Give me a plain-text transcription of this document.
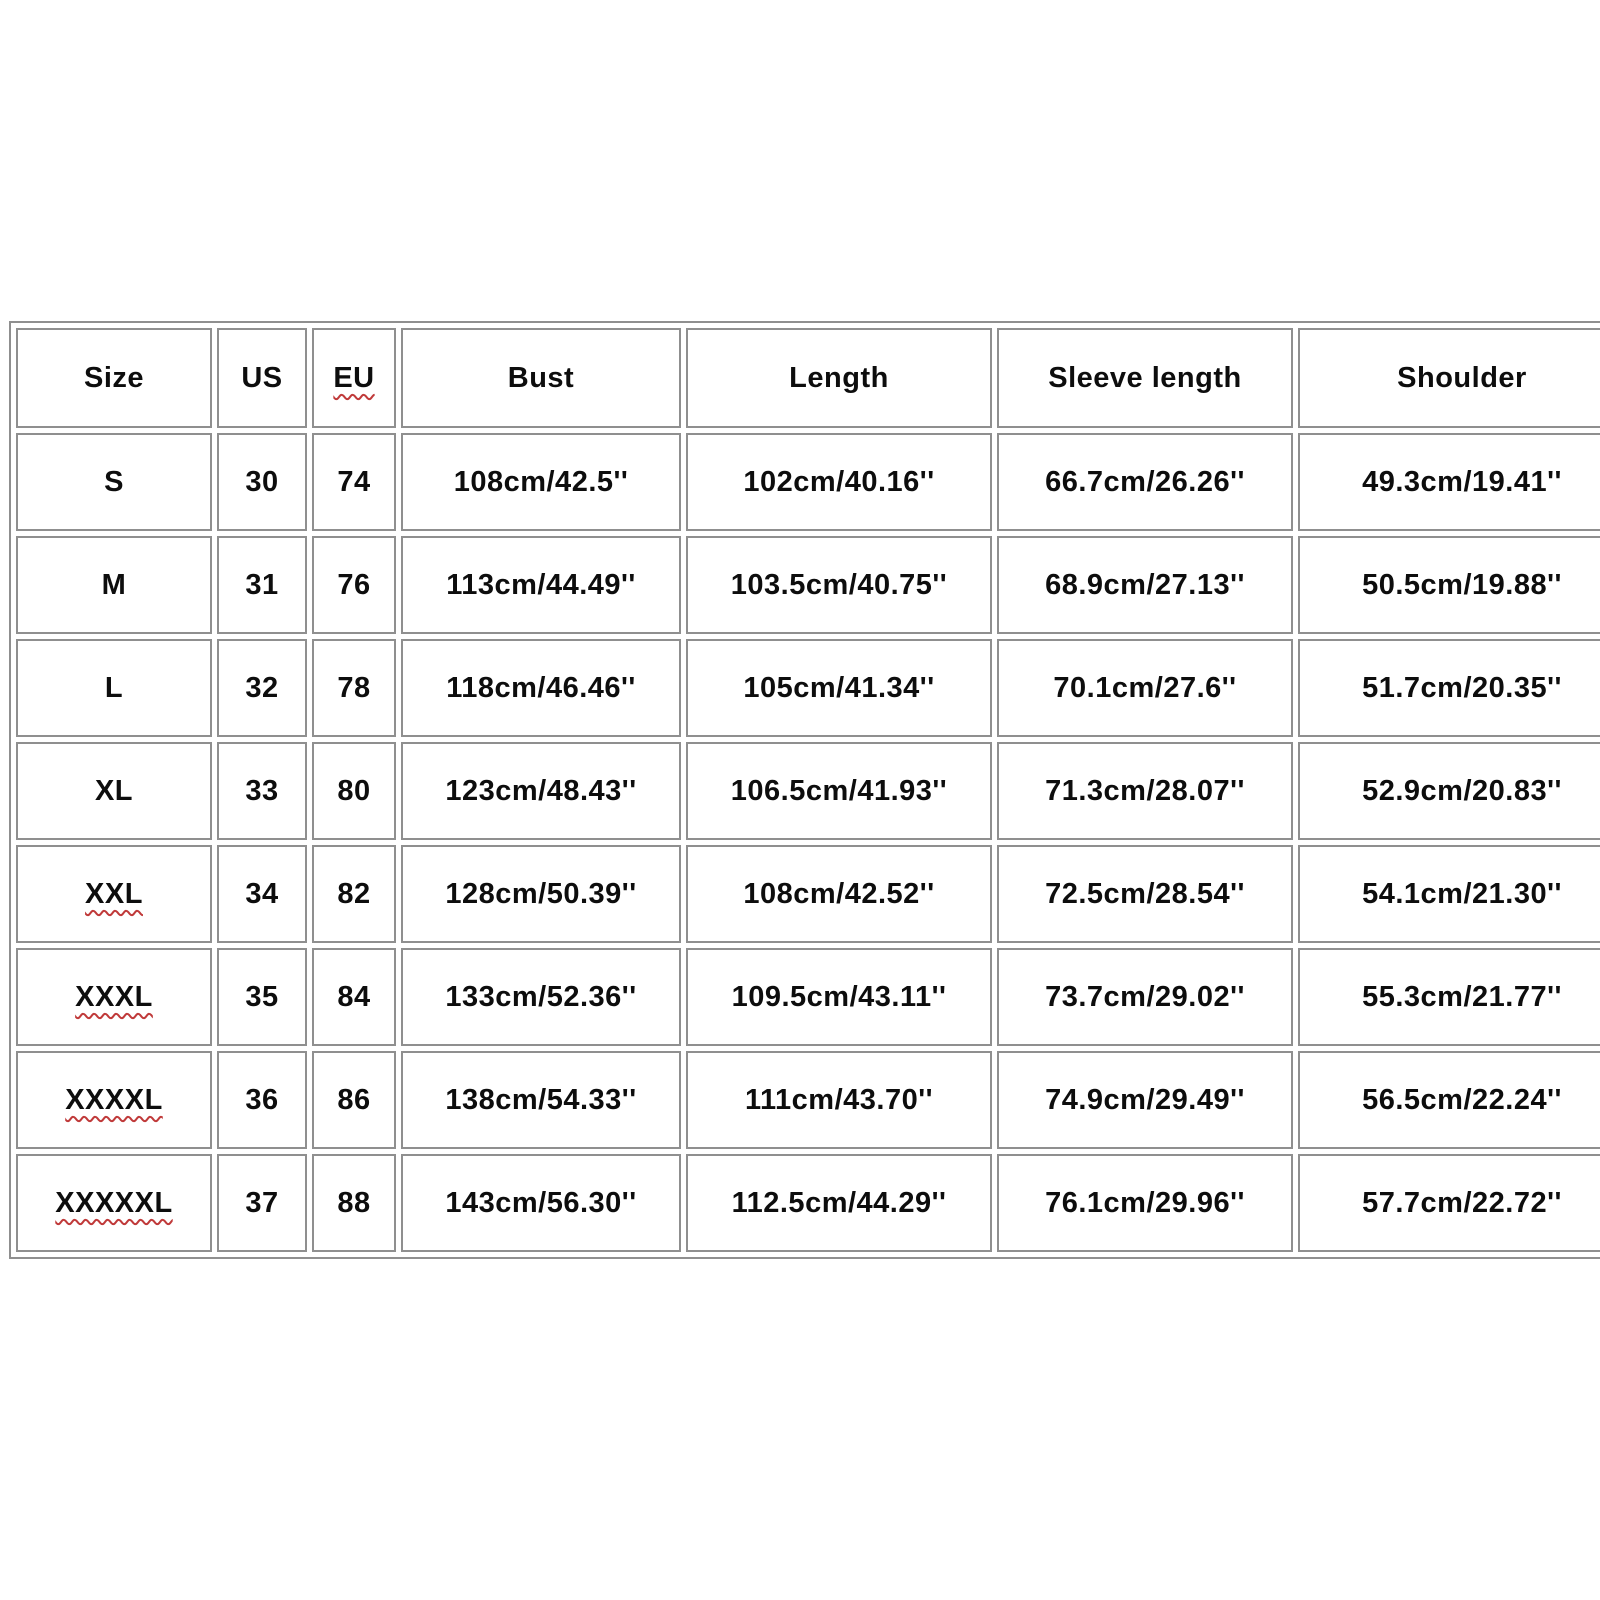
Size	US	EU	Bust	Length	Sleeve length	Shoulder
S	30	74	108cm/42.5''	102cm/40.16''	66.7cm/26.26''	49.3cm/19.41''
M	31	76	113cm/44.49''	103.5cm/40.75''	68.9cm/27.13''	50.5cm/19.88''
L	32	78	118cm/46.46''	105cm/41.34''	70.1cm/27.6''	51.7cm/20.35''
XL	33	80	123cm/48.43''	106.5cm/41.93''	71.3cm/28.07''	52.9cm/20.83''
XXL	34	82	128cm/50.39''	108cm/42.52''	72.5cm/28.54''	54.1cm/21.30''
XXXL	35	84	133cm/52.36''	109.5cm/43.11''	73.7cm/29.02''	55.3cm/21.77''
XXXXL	36	86	138cm/54.33''	111cm/43.70''	74.9cm/29.49''	56.5cm/22.24''
XXXXXL	37	88	143cm/56.30''	112.5cm/44.29''	76.1cm/29.96''	57.7cm/22.72''
